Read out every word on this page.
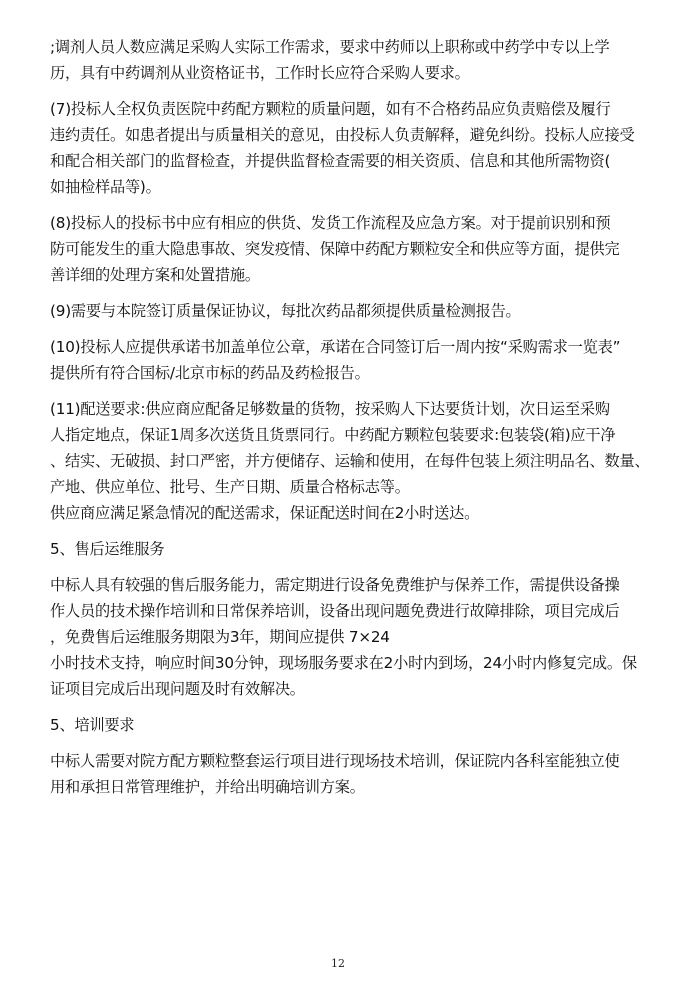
;调剂人员人数应满足采购人实际工作需求，要求中药师以上职称或中药学中专以上学
历，具有中药调剂从业资格证书，工作时长应符合采购人要求。
(7)投标人全权负责医院中药配方颗粒的质量问题，如有不合格药品应负责赔偿及履行
违约责任。如患者提出与质量相关的意见，由投标人负责解释，避免纠纷。投标人应接受
和配合相关部门的监督检查，并提供监督检查需要的相关资质、信息和其他所需物资(
如抽检样品等)。
(8)投标人的投标书中应有相应的供货、发货工作流程及应急方案。对于提前识别和预
防可能发生的重大隐患事故、突发疫情、保障中药配方颗粒安全和供应等方面，提供完
善详细的处理方案和处置措施。
(9)需要与本院签订质量保证协议，每批次药品都须提供质量检测报告。
(10)投标人应提供承诺书加盖单位公章，承诺在合同签订后一周内按“采购需求一览表”
提供所有符合国标/北京市标的药品及药检报告。
(11)配送要求:供应商应配备足够数量的货物，按采购人下达要货计划，次日运至采购
人指定地点，保证1周多次送货且货票同行。中药配方颗粒包装要求:包装袋(箱)应干净
、结实、无破损、封口严密，并方便储存、运输和使用，在每件包装上须注明品名、数量、
产地、供应单位、批号、生产日期、质量合格标志等。
供应商应满足紧急情况的配送需求，保证配送时间在2小时送达。
5、售后运维服务
中标人具有较强的售后服务能力，需定期进行设备免费维护与保养工作，需提供设备操
作人员的技术操作培训和日常保养培训，设备出现问题免费进行故障排除，项目完成后
，免费售后运维服务期限为3年，期间应提供 7×24
小时技术支持，响应时间30分钟，现场服务要求在2小时内到场，24小时内修复完成。保
证项目完成后出现问题及时有效解决。
5、培训要求
中标人需要对院方配方颗粒整套运行项目进行现场技术培训，保证院内各科室能独立使
用和承担日常管理维护，并给出明确培训方案。
12
